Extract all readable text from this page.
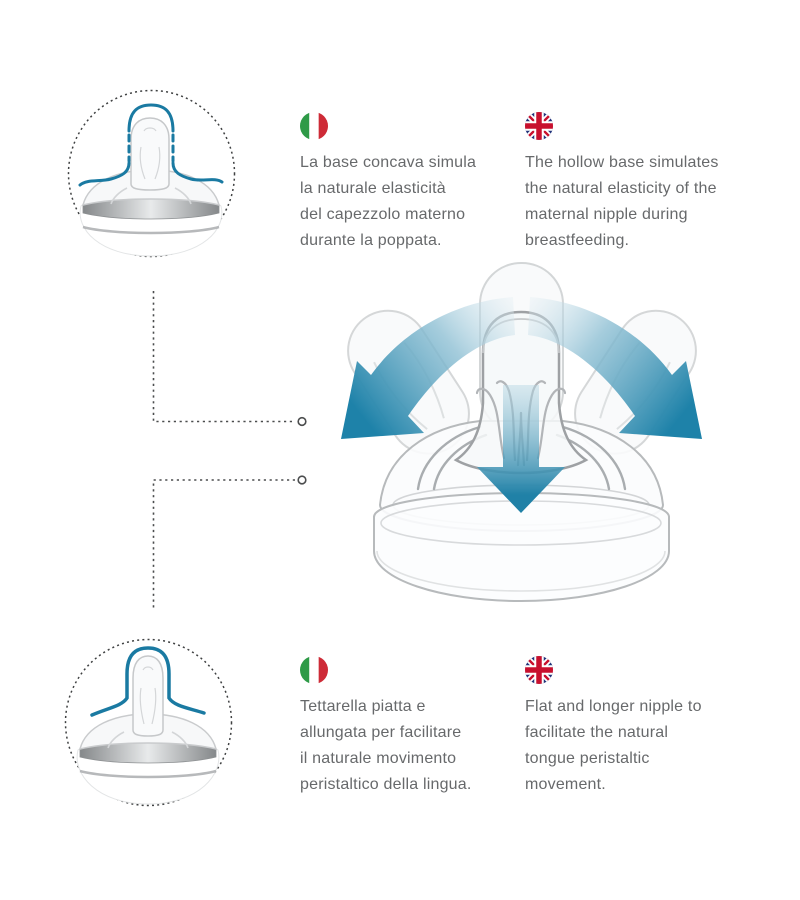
La base concava simula
la naturale elasticità
del capezzolo materno
durante la poppata.
The hollow base simulates
the natural elasticity of the
maternal nipple during
breastfeeding.
Tettarella piatta e
allungata per facilitare
il naturale movimento
peristaltico della lingua.
Flat and longer nipple to
facilitate the natural
tongue peristaltic
movement.
